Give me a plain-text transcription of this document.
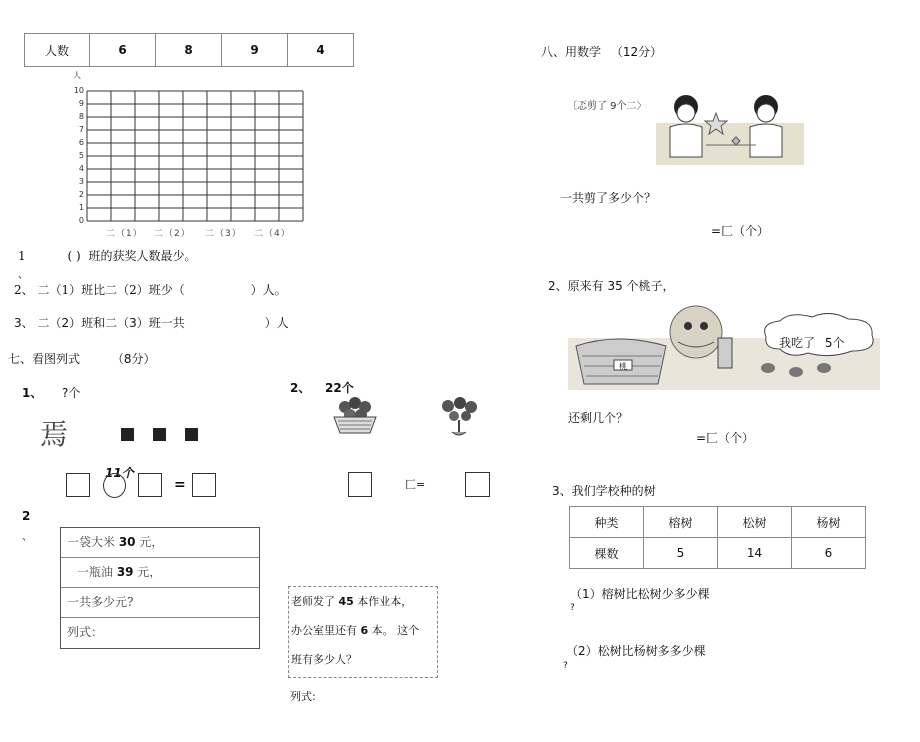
人数	6	8	9	4
人
10
9
8
7
6
5
4
3
2
1
0
二（1） 二（2） 二（3） 二（4）
1	( ) 班的获奖人数最少。
、
2、 二（1）班比二（2）班少（	）人。
3、 二（2）班和二（3）班一共	）人
七、看图列式	（8分）
1、 ?个
焉
11个
=
2、 22个
匚=
2
、	一袋大米 30 元，
一瓶油 39 元，
一共多少元?
列式：
老师发了 45 本作业本，
办公室里还有 6 本。 这个
班有多少人？
列式:
八、用数学 （12分）
〔忑剪了 9个二〉
一共剪了多少个？
=匚（个）
2、原来有 35 个桃子，
桃
我吃了 5个
还剩几个？
=匚（个）
3、我们学校种的树
种类	榕树	松树	杨树
棵数	5	14	6
（1）榕树比松树少多少棵
?
（2）松树比杨树多多少棵
?
